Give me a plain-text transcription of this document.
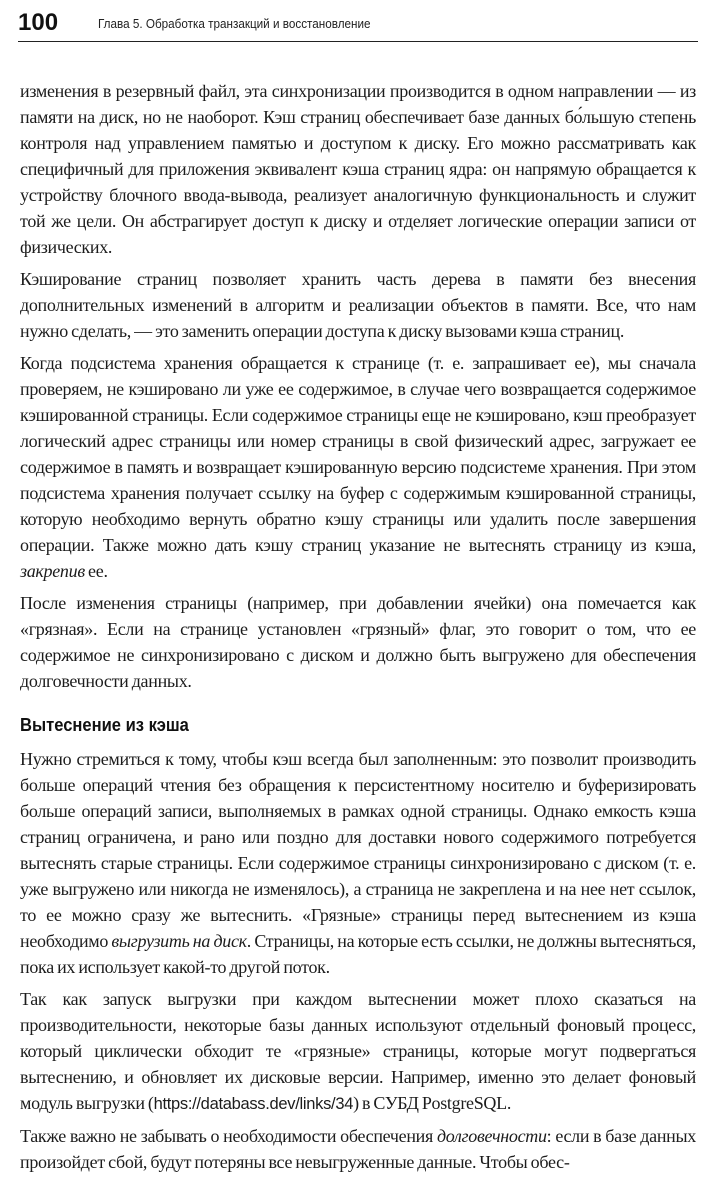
100	Глава 5. Обработка транзакций и восстановление

изменения в резервный файл, эта синхронизации производится в одном направлении — из памяти на диск, но не наоборот. Кэш страниц обеспечивает базе данных бо́льшую степень контроля над управлением памятью и доступом к диску. Его можно рассматривать как специфичный для приложения эквивалент кэша страниц ядра: он напрямую обращается к устройству блочного ввода-вывода, реализует аналогичную функциональность и служит той же цели. Он абстрагирует доступ к диску и отделяет логические операции записи от физических.

Кэширование страниц позволяет хранить часть дерева в памяти без внесения дополнительных изменений в алгоритм и реализации объектов в памяти. Все, что нам нужно сделать, — это заменить операции доступа к диску вызовами кэша страниц.

Когда подсистема хранения обращается к странице (т. е. запрашивает ее), мы сначала проверяем, не кэшировано ли уже ее содержимое, в случае чего возвращается содержимое кэшированной страницы. Если содержимое страницы еще не кэшировано, кэш преобразует логический адрес страницы или номер страницы в свой физический адрес, загружает ее содержимое в память и возвращает кэшированную версию подсистеме хранения. При этом подсистема хранения получает ссылку на буфер с содержимым кэшированной страницы, которую необходимо вернуть обратно кэшу страницы или удалить после завершения операции. Также можно дать кэшу страниц указание не вытеснять страницу из кэша, закрепив ее.

После изменения страницы (например, при добавлении ячейки) она помечается как «грязная». Если на странице установлен «грязный» флаг, это говорит о том, что ее содержимое не синхронизировано с диском и должно быть выгружено для обеспечения долговечности данных.

Вытеснение из кэша

Нужно стремиться к тому, чтобы кэш всегда был заполненным: это позволит производить больше операций чтения без обращения к персистентному носителю и буферизировать больше операций записи, выполняемых в рамках одной страницы. Однако емкость кэша страниц ограничена, и рано или поздно для доставки нового содержимого потребуется вытеснять старые страницы. Если содержимое страницы синхронизировано с диском (т. е. уже выгружено или никогда не изменялось), а страница не закреплена и на нее нет ссылок, то ее можно сразу же вытеснить. «Грязные» страницы перед вытеснением из кэша необходимо выгрузить на диск. Страницы, на которые есть ссылки, не должны вытесняться, пока их использует какой-то другой поток.

Так как запуск выгрузки при каждом вытеснении может плохо сказаться на производительности, некоторые базы данных используют отдельный фоновый процесс, который циклически обходит те «грязные» страницы, которые могут подвергаться вытеснению, и обновляет их дисковые версии. Например, именно это делает фоновый модуль выгрузки (https://databass.dev/links/34) в СУБД PostgreSQL.

Также важно не забывать о необходимости обеспечения долговечности: если в базе данных произойдет сбой, будут потеряны все невыгруженные данные. Чтобы обес-
